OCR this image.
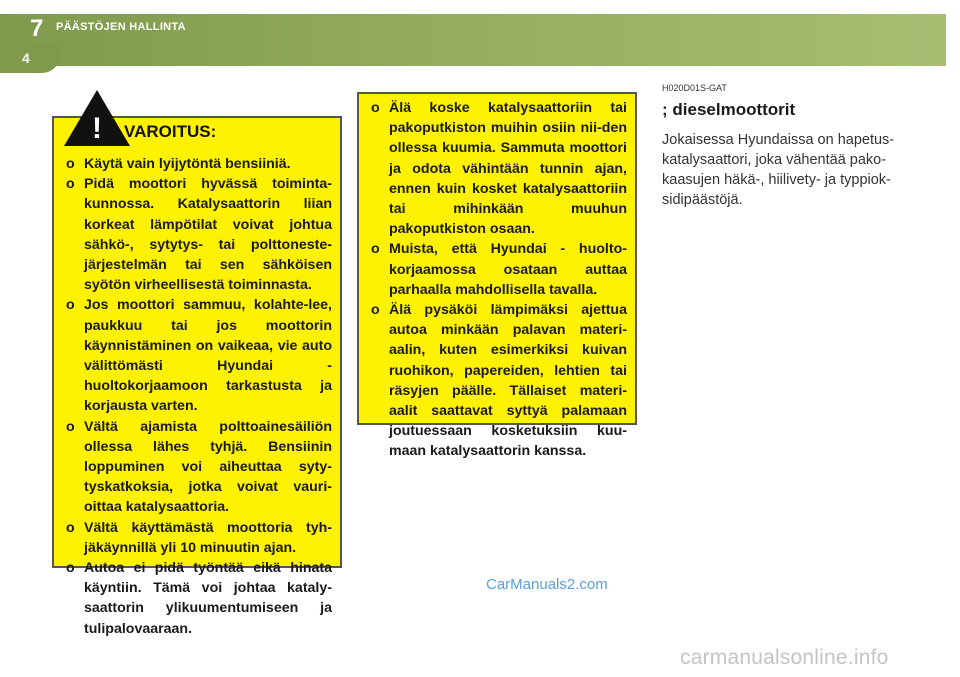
7 PÄÄSTÖJEN HALLINTA
4
o Käytä vain lyijytöntä bensiiniä.
o Pidä moottori hyvässä toiminta-kunnossa. Katalysaattorin liian korkeat lämpötilat voivat johtua sähkö-, sytytys- tai polttoneste-järjestelmän tai sen sähköisen syötön virheellisestä toiminnasta.
o Jos moottori sammuu, kolahte-lee, paukkuu tai jos moottorin käynnistäminen on vaikeaa, vie auto välittömästi Hyundai - huoltokorjaamoon tarkastusta ja korjausta varten.
o Vältä ajamista polttoainesäiliön ollessa lähes tyhjä. Bensiinin loppuminen voi aiheuttaa syty-tyskatkoksia, jotka voivat vauri-oittaa katalysaattoria.
o Vältä käyttämästä moottoria tyh-jäkäynnillä yli 10 minuutin ajan.
o Autoa ei pidä työntää eikä hinata käyntiin. Tämä voi johtaa kataly-saattorin ylikuumentumiseen ja tulipalovaaraan.
! VAROITUS:
o Älä koske katalysaattoriin tai pakoputkiston muihin osiin nii-den ollessa kuumia. Sammuta moottori ja odota vähintään tunnin ajan, ennen kuin kosket katalysaattoriin tai mihinkään muuhun pakoputkiston osaan.
o Muista, että Hyundai - huolto-korjaamossa osataan auttaa parhaalla mahdollisella tavalla.
o Älä pysäköi lämpimäksi ajettua autoa minkään palavan materi-aalin, kuten esimerkiksi kuivan ruohikon, papereiden, lehtien tai räsyjen päälle. Tällaiset materi-aalit saattavat syttyä palamaan joutuessaan kosketuksiin kuu-maan katalysaattorin kanssa.
H020D01S-GAT
; dieselmoottorit
Jokaisessa Hyundaissa on hapetus-katalysaattori, joka vähentää pako-kaasujen häkä-, hiilivety- ja typpiok-sidipäästöjä.
CarManuals2.com
carmanualsonline.info
